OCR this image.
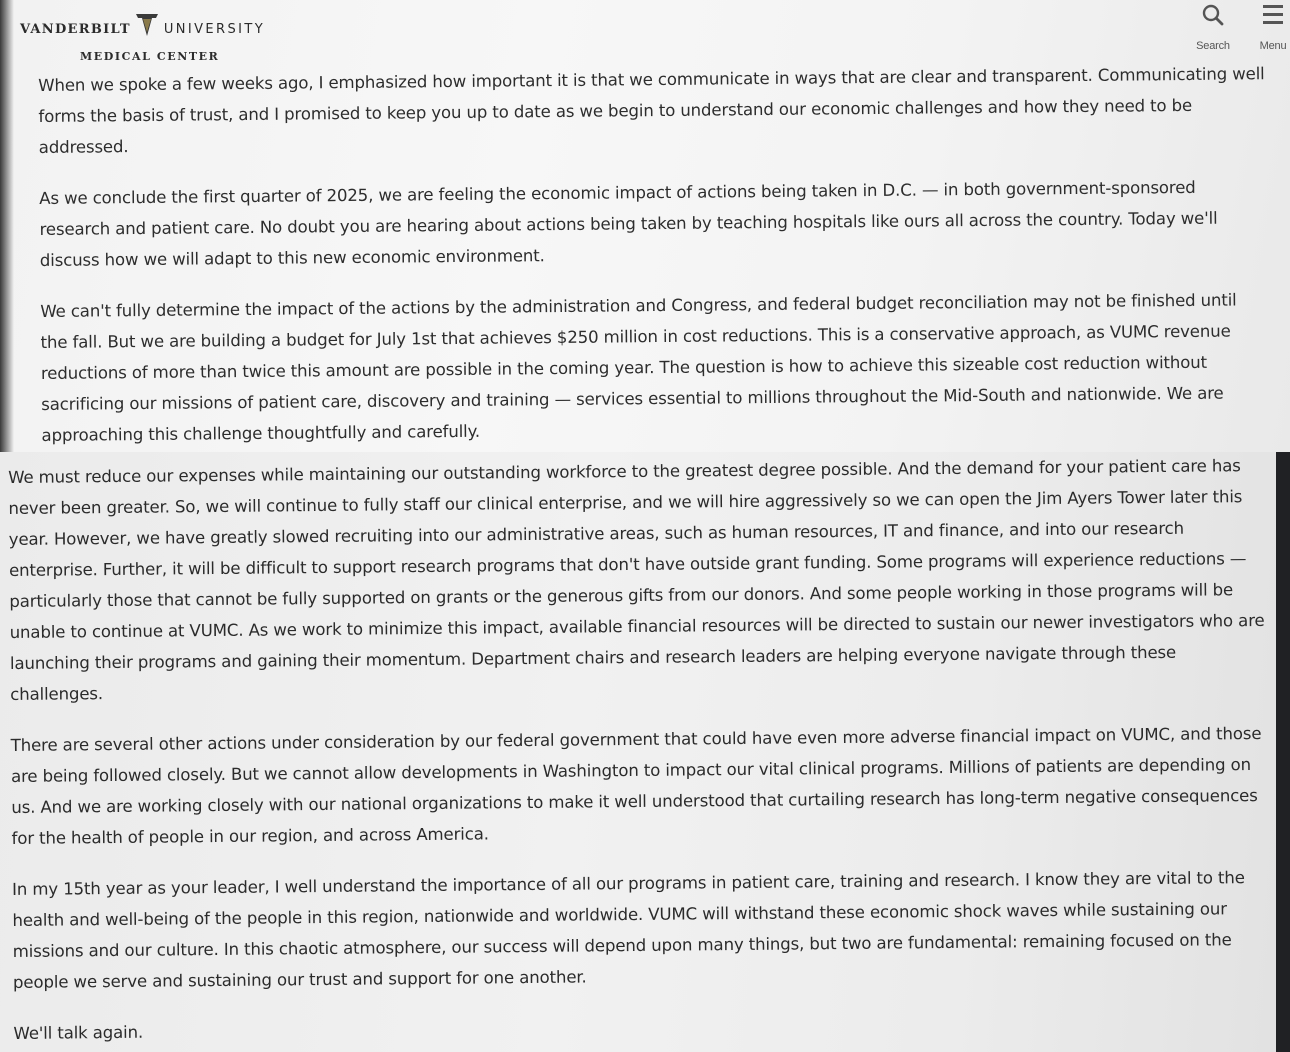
VANDERBILT	UNIVERSITY
MEDICAL CENTER
Search	Menu

When we spoke a few weeks ago, I emphasized how important it is that we communicate in ways that are clear and transparent. Communicating well forms the basis of trust, and I promised to keep you up to date as we begin to understand our economic challenges and how they need to be addressed.

As we conclude the first quarter of 2025, we are feeling the economic impact of actions being taken in D.C. — in both government-sponsored research and patient care. No doubt you are hearing about actions being taken by teaching hospitals like ours all across the country. Today we'll discuss how we will adapt to this new economic environment.

We can't fully determine the impact of the actions by the administration and Congress, and federal budget reconciliation may not be finished until the fall. But we are building a budget for July 1st that achieves $250 million in cost reductions. This is a conservative approach, as VUMC revenue reductions of more than twice this amount are possible in the coming year. The question is how to achieve this sizeable cost reduction without sacrificing our missions of patient care, discovery and training — services essential to millions throughout the Mid-South and nationwide. We are approaching this challenge thoughtfully and carefully.

We must reduce our expenses while maintaining our outstanding workforce to the greatest degree possible. And the demand for your patient care has never been greater. So, we will continue to fully staff our clinical enterprise, and we will hire aggressively so we can open the Jim Ayers Tower later this year. However, we have greatly slowed recruiting into our administrative areas, such as human resources, IT and finance, and into our research enterprise. Further, it will be difficult to support research programs that don't have outside grant funding. Some programs will experience reductions — particularly those that cannot be fully supported on grants or the generous gifts from our donors. And some people working in those programs will be unable to continue at VUMC. As we work to minimize this impact, available financial resources will be directed to sustain our newer investigators who are launching their programs and gaining their momentum. Department chairs and research leaders are helping everyone navigate through these challenges.

There are several other actions under consideration by our federal government that could have even more adverse financial impact on VUMC, and those are being followed closely. But we cannot allow developments in Washington to impact our vital clinical programs. Millions of patients are depending on us. And we are working closely with our national organizations to make it well understood that curtailing research has long-term negative consequences for the health of people in our region, and across America.

In my 15th year as your leader, I well understand the importance of all our programs in patient care, training and research. I know they are vital to the health and well-being of the people in this region, nationwide and worldwide. VUMC will withstand these economic shock waves while sustaining our missions and our culture. In this chaotic atmosphere, our success will depend upon many things, but two are fundamental: remaining focused on the people we serve and sustaining our trust and support for one another.

We'll talk again.
